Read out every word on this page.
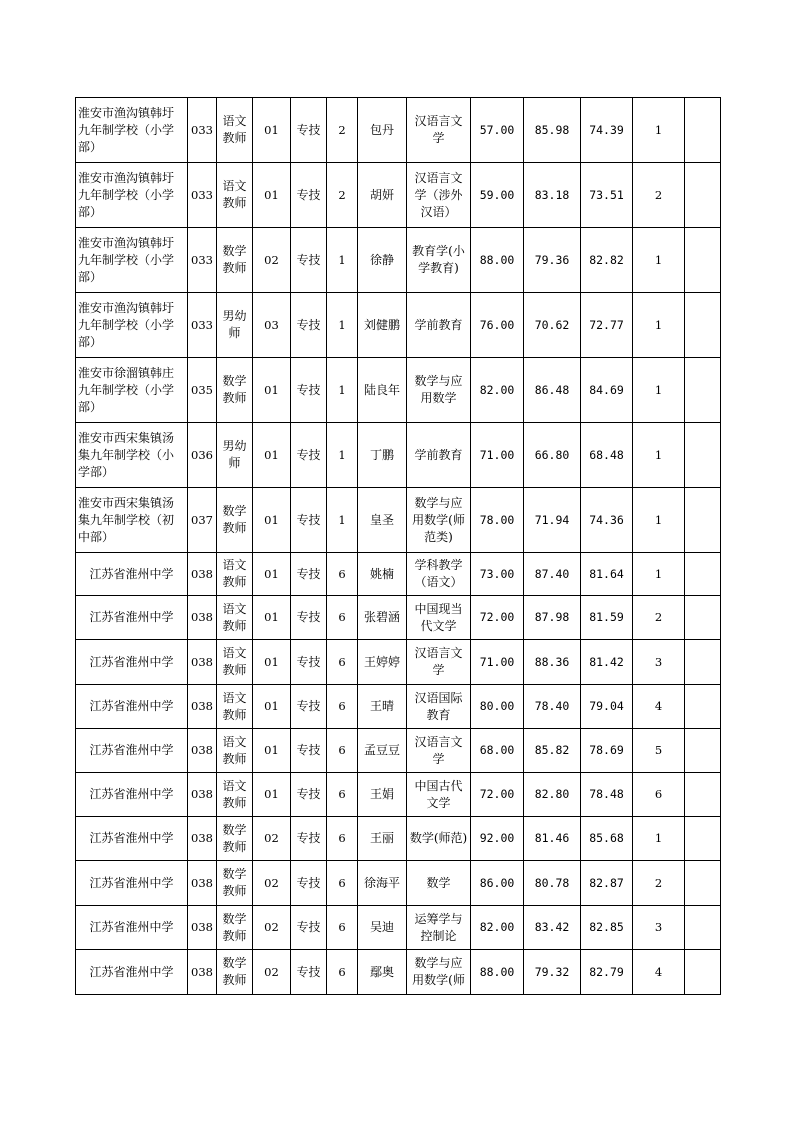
淮安市渔沟镇韩圩九年制学校（小学部）	033	语文教师	01	专技	2	包丹	汉语言文学	57.00	85.98	74.39	1	
淮安市渔沟镇韩圩九年制学校（小学部）	033	语文教师	01	专技	2	胡妍	汉语言文学（涉外汉语）	59.00	83.18	73.51	2	
淮安市渔沟镇韩圩九年制学校（小学部）	033	数学教师	02	专技	1	徐静	教育学(小学教育)	88.00	79.36	82.82	1	
淮安市渔沟镇韩圩九年制学校（小学部）	033	男幼师	03	专技	1	刘健鹏	学前教育	76.00	70.62	72.77	1	
淮安市徐溜镇韩庄九年制学校（小学部）	035	数学教师	01	专技	1	陆良年	数学与应用数学	82.00	86.48	84.69	1	
淮安市西宋集镇汤集九年制学校（小学部）	036	男幼师	01	专技	1	丁鹏	学前教育	71.00	66.80	68.48	1	
淮安市西宋集镇汤集九年制学校（初中部）	037	数学教师	01	专技	1	皇圣	数学与应用数学(师范类)	78.00	71.94	74.36	1	
江苏省淮州中学	038	语文教师	01	专技	6	姚楠	学科教学（语文）	73.00	87.40	81.64	1	
江苏省淮州中学	038	语文教师	01	专技	6	张碧涵	中国现当代文学	72.00	87.98	81.59	2	
江苏省淮州中学	038	语文教师	01	专技	6	王婷婷	汉语言文学	71.00	88.36	81.42	3	
江苏省淮州中学	038	语文教师	01	专技	6	王晴	汉语国际教育	80.00	78.40	79.04	4	
江苏省淮州中学	038	语文教师	01	专技	6	孟豆豆	汉语言文学	68.00	85.82	78.69	5	
江苏省淮州中学	038	语文教师	01	专技	6	王娟	中国古代文学	72.00	82.80	78.48	6	
江苏省淮州中学	038	数学教师	02	专技	6	王丽	数学(师范)	92.00	81.46	85.68	1	
江苏省淮州中学	038	数学教师	02	专技	6	徐海平	数学	86.00	80.78	82.87	2	
江苏省淮州中学	038	数学教师	02	专技	6	吴迪	运筹学与控制论	82.00	83.42	82.85	3	
江苏省淮州中学	038	数学教师	02	专技	6	鄢奥	数学与应用数学(师	88.00	79.32	82.79	4	
